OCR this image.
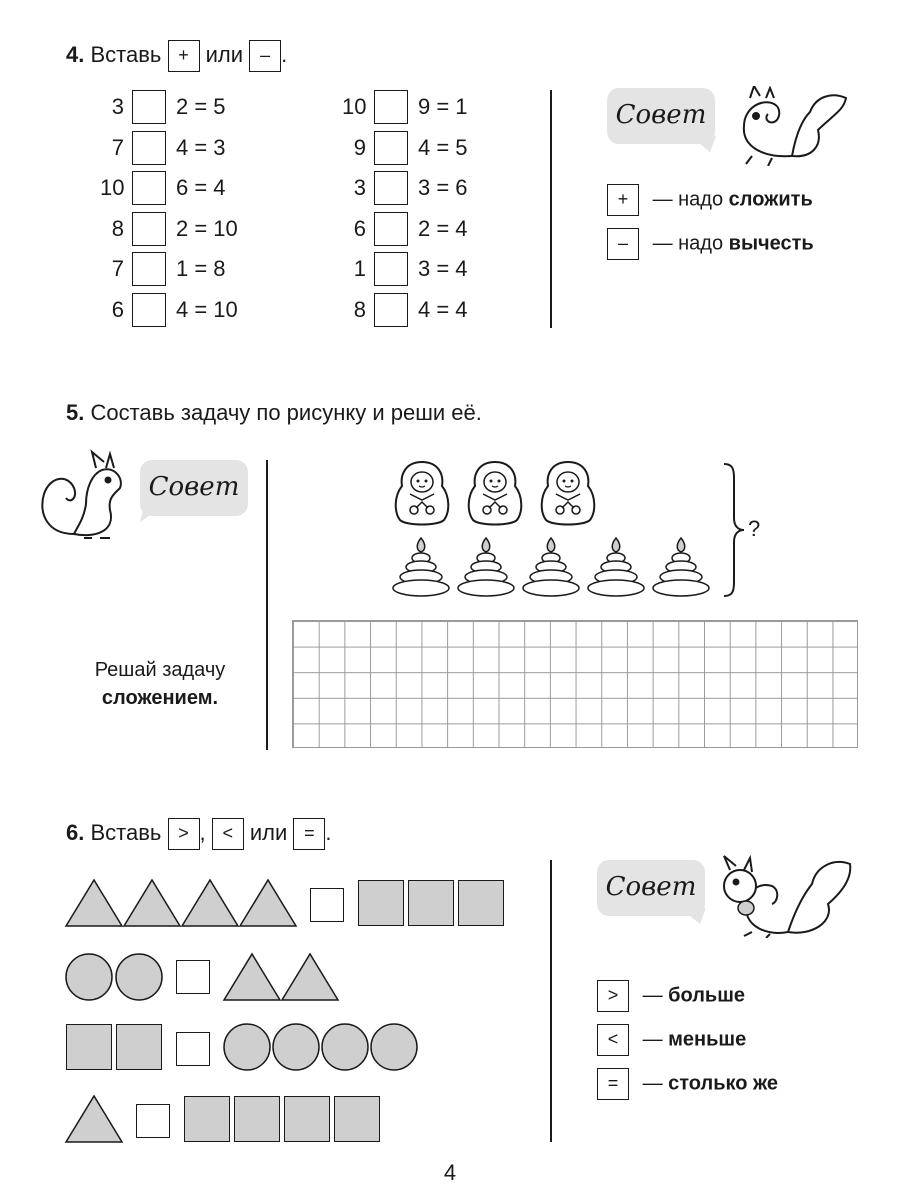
4. Вставь + или – .
3 2 = 5
7 4 = 3
10 6 = 4
8 2 = 10
7 1 = 8
6 4 = 10
10 9 = 1
9 4 = 5
3 3 = 6
6 2 = 4
1 3 = 4
8 4 = 4
Совет
+ — надо сложить
– — надо вычесть
5. Составь задачу по рисунку и реши её.
Совет
Решай задачу
сложением.
?
6. Вставь > , < или = .
Совет
> — больше
< — меньше
= — столько же
4
